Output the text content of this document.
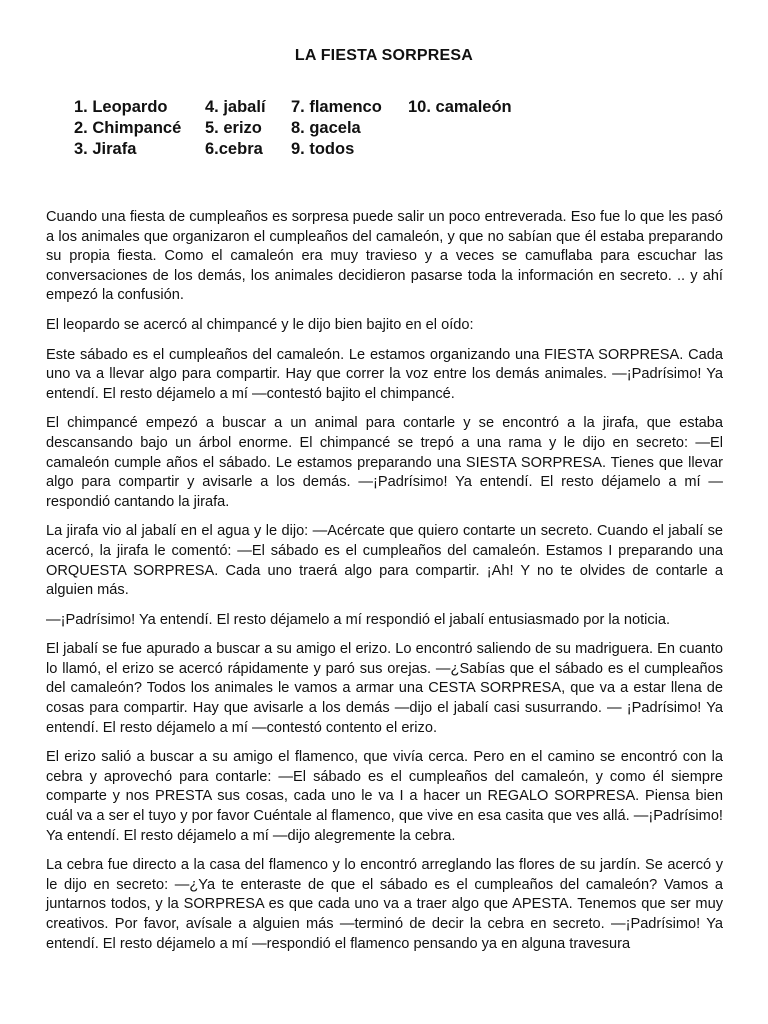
LA FIESTA SORPRESA
1. Leopardo
2. Chimpancé
3. Jirafa
4. jabalí
5. erizo
6.cebra
7. flamenco
8. gacela
9. todos
10. camaleón

Cuando una fiesta de cumpleaños es sorpresa puede salir un poco entreverada. Eso fue lo que les pasó a los animales que organizaron el cumpleaños del camaleón, y que no sabían que él estaba preparando su propia fiesta. Como el camaleón era muy travieso y a veces se camuflaba para escuchar las conversaciones de los demás, los animales decidieron pasarse toda la información en secreto. .. y ahí empezó la confusión.

El leopardo se acercó al chimpancé y le dijo bien bajito en el oído:

Este sábado es el cumpleaños del camaleón. Le estamos organizando una FIESTA SORPRESA. Cada uno va a llevar algo para compartir. Hay que correr la voz entre los demás animales. —¡Padrísimo! Ya entendí. El resto déjamelo a mí —contestó bajito el chimpancé.

El chimpancé empezó a buscar a un animal para contarle y se encontró a la jirafa, que estaba descansando bajo un árbol enorme. El chimpancé se trepó a una rama y le dijo en secreto: —El camaleón cumple años el sábado. Le estamos preparando una SIESTA SORPRESA. Tienes que llevar algo para compartir y avisarle a los demás. —¡Padrísimo! Ya entendí. El resto déjamelo a mí — respondió cantando la jirafa.

La jirafa vio al jabalí en el agua y le dijo: —Acércate que quiero contarte un secreto. Cuando el jabalí se acercó, la jirafa le comentó: —El sábado es el cumpleaños del camaleón. Estamos I preparando una ORQUESTA SORPRESA. Cada uno traerá algo para compartir. ¡Ah! Y no te olvides de contarle a alguien más.

—¡Padrísimo! Ya entendí. El resto déjamelo a mí respondió el jabalí entusiasmado por la noticia.

El jabalí se fue apurado a buscar a su amigo el erizo. Lo encontró saliendo de su madriguera. En cuanto lo llamó, el erizo se acercó rápidamente y paró sus orejas. —¿Sabías que el sábado es el cumpleaños del camaleón? Todos los animales le vamos a armar una CESTA SORPRESA, que va a estar llena de cosas para compartir. Hay que avisarle a los demás —dijo el jabalí casi susurrando. — ¡Padrísimo! Ya entendí. El resto déjamelo a mí —contestó contento el erizo.

El erizo salió a buscar a su amigo el flamenco, que vivía cerca. Pero en el camino se encontró con la cebra y aprovechó para contarle: —El sábado es el cumpleaños del camaleón, y como él siempre comparte y nos PRESTA sus cosas, cada uno le va I a hacer un REGALO SORPRESA. Piensa bien cuál va a ser el tuyo y por favor Cuéntale al flamenco, que vive en esa casita que ves allá. —¡Padrísimo! Ya entendí. El resto déjamelo a mí —dijo alegremente la cebra.

La cebra fue directo a la casa del flamenco y lo encontró arreglando las flores de su jardín. Se acercó y le dijo en secreto: —¿Ya te enteraste de que el sábado es el cumpleaños del camaleón? Vamos a juntarnos todos, y la SORPRESA es que cada uno va a traer algo que APESTA. Tenemos que ser muy creativos. Por favor, avísale a alguien más —terminó de decir la cebra en secreto. —¡Padrísimo! Ya entendí. El resto déjamelo a mí —respondió el flamenco pensando ya en alguna travesura
